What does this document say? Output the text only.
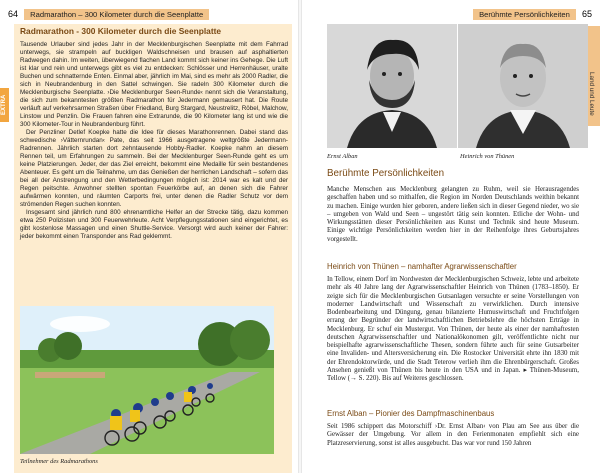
64 Radmarathon – 300 Kilometer durch die Seenplatte
EXTRA
Radmarathon - 300 Kilometer durch die Seenplatte

Tausende Urlauber sind jedes Jahr in der Mecklenburgischen Seenplatte mit dem Fahrrad unterwegs, sie strampeln auf buckligen Waldschneisen und brausen auf asphaltierten Radwegen dahin. Im weiten, überwiegend flachen Land kommt sich keiner ins Gehege. Die Luft ist klar und rein und unterwegs gibt es viel zu entdecken: Schlösser und Herrenhäuser, uralte Buchen und schnatternde Enten. Einmal aber, jährlich im Mai, sind es mehr als 2000 Radler, die sich in Neubrandenburg in den Sattel schwingen. Sie radeln 300 Kilometer durch die Mecklenburgische Seenplatte. ›Die Mecklenburger Seen-Runde‹ nennt sich die Veranstaltung, die sich zum bekanntesten größten Radmarathon für Jedermann gemausert hat. Die Route verläuft auf verkehrsarmen Straßen über Friedland, Burg Stargard, Neustrelitz, Röbel, Malchow, Linstow und Penzlin. Die Frauen fahren eine Extrarunde, die 90 Kilometer lang ist und wie die 300 Kilometer-Tour in Neubrandenburg führt.

Der Penzliner Detlef Koepke hatte die Idee für dieses Marathonrennen. Dabei stand das schwedische ›Vätternrundan‹ Pate, das seit 1966 ausgetragene weltgrößte Jedermann-Radrennen. Jährlich starten dort zehntausende Hobby-Radler. Koepke nahm an diesem Rennen teil, um Erfahrungen zu sammeln. Bei der Mecklenburger Seen-Runde geht es um keine Platzierungen. Jeder, der das Ziel erreicht, bekommt eine Medaille für sein bestandenes Abenteuer. Es geht um die Teilnahme, um das Genießen der herrlichen Landschaft – sofern das bei all der Anstrengung und den Wetterbedingungen möglich ist: 2014 war es kalt und der Regen peitschte. Anwohner stellten spontan Feuerkörbe auf, an denen sich die Fahrer aufwärmen konnten, und räumten Carports frei, unter denen die Radler Schutz vor dem strömenden Regen suchen konnten.

Insgesamt sind jährlich rund 800 ehrenamtliche Helfer an der Strecke tätig, dazu kommen etwa 250 Polizisten und 300 Feuerwehrleute. Acht Verpflegungsstationen sind eingerichtet, es gibt kostenlose Massagen und einen Shuttle-Service. Versorgt wird auch keiner der Fahrer: jeder bekommt einen Transponder ans Rad geklemmt.

Teilnehmer des Radmarathons
Berühmte Persönlichkeiten 65
Land und Leute
Ernst Alban	Heinrich von Thünen
Berühmte Persönlichkeiten

Manche Menschen aus Mecklenburg gelangten zu Ruhm, weil sie Herausragendes geschaffen haben und so mithalfen, die Region im Norden Deutschlands weithin bekannt zu machen. Einige wurden hier geboren, andere ließen sich in dieser Gegend nieder, wo sie – umgeben von Wald und Seen – ungestört tätig sein konnten. Etliche der Wohn- und Wirkungsstätten dieser Persönlichkeiten aus Kunst und Technik sind heute Museum. Einige wichtige Persönlichkeiten werden hier in der Reihenfolge ihres Geburtsjahres vorgestellt.

Heinrich von Thünen – namhafter Agrarwissenschaftler

In Tellow, einem Dorf im Nordwesten der Mecklenburgischen Schweiz, lebte und arbeitete mehr als 40 Jahre lang der Agrarwissenschaftler Heinrich von Thünen (1783–1850). Er zeigte sich für die Mecklenburgischen Gutsanlagen versuchte er seine Vorstellungen von moderner Landwirtschaft und Wissenschaft zu verwirklichen. Durch intensive Bodenbearbeitung und Düngung, genau bilanzierte Humuswirtschaft und Fruchtfolgen errang der Begründer der landwirtschaftlichen Betriebslehre die höchsten Erträge in Mecklenburg. Er schuf ein Mustergut. Von Thünen, der heute als einer der namhaftesten deutschen Agrarwissenschaftler und Nationalökonomen gilt, veröffentlichte nicht nur beispielhafte agrarwissenschaftliche Thesen, sondern führte auch für seine Gutsarbeiter eine Invaliden- und Altersversicherung ein. Die Rostocker Universität ehrte ihn 1830 mit der Ehrendoktorwürde, und die Stadt Teterow verlieh ihm die Ehrenbürgerschaft. Großes Ansehen genießt von Thünen bis heute in den USA und in Japan. ▸ Thünen-Museum, Tellow (→ S. 220). Bis auf Weiteres geschlossen.

Ernst Alban – Pionier des Dampfmaschinenbaus

Seit 1986 schippert das Motorschiff ›Dr. Ernst Alban‹ von Plau am See aus über die Gewässer der Umgebung. Vor allem in den Ferienmonaten empfiehlt sich eine Platzreservierung, sonst ist alles ausgebucht. Das war vor rund 150 Jahren
